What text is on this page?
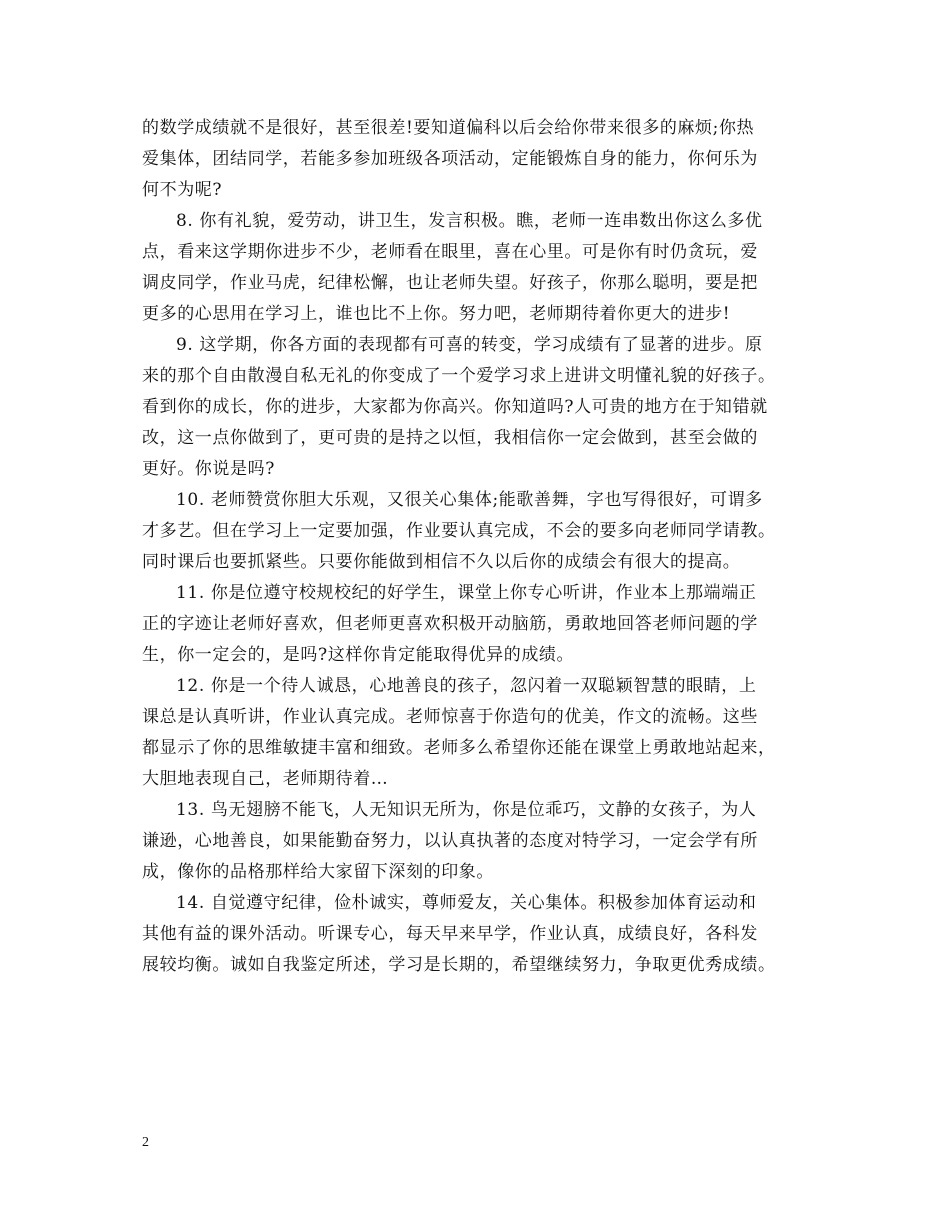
的数学成绩就不是很好，甚至很差!要知道偏科以后会给你带来很多的麻烦;你热
爱集体，团结同学，若能多参加班级各项活动，定能锻炼自身的能力，你何乐为
何不为呢?

8. 你有礼貌，爱劳动，讲卫生，发言积极。瞧，老师一连串数出你这么多优
点，看来这学期你进步不少，老师看在眼里，喜在心里。可是你有时仍贪玩，爱
调皮同学，作业马虎，纪律松懈，也让老师失望。好孩子，你那么聪明，要是把
更多的心思用在学习上，谁也比不上你。努力吧，老师期待着你更大的进步!

9. 这学期，你各方面的表现都有可喜的转变，学习成绩有了显著的进步。原
来的那个自由散漫自私无礼的你变成了一个爱学习求上进讲文明懂礼貌的好孩子。
看到你的成长，你的进步，大家都为你高兴。你知道吗?人可贵的地方在于知错就
改，这一点你做到了，更可贵的是持之以恒，我相信你一定会做到，甚至会做的
更好。你说是吗?

10. 老师赞赏你胆大乐观，又很关心集体;能歌善舞，字也写得很好，可谓多
才多艺。但在学习上一定要加强，作业要认真完成，不会的要多向老师同学请教。
同时课后也要抓紧些。只要你能做到相信不久以后你的成绩会有很大的提高。

11. 你是位遵守校规校纪的好学生，课堂上你专心听讲，作业本上那端端正
正的字迹让老师好喜欢，但老师更喜欢积极开动脑筋，勇敢地回答老师问题的学
生，你一定会的，是吗?这样你肯定能取得优异的成绩。

12. 你是一个待人诚恳，心地善良的孩子，忽闪着一双聪颖智慧的眼睛，上
课总是认真听讲，作业认真完成。老师惊喜于你造句的优美，作文的流畅。这些
都显示了你的思维敏捷丰富和细致。老师多么希望你还能在课堂上勇敢地站起来，
大胆地表现自己，老师期待着…

13. 鸟无翅膀不能飞，人无知识无所为，你是位乖巧，文静的女孩子，为人
谦逊，心地善良，如果能勤奋努力，以认真执著的态度对特学习，一定会学有所
成，像你的品格那样给大家留下深刻的印象。

14. 自觉遵守纪律，俭朴诚实，尊师爱友，关心集体。积极参加体育运动和
其他有益的课外活动。听课专心，每天早来早学，作业认真，成绩良好，各科发
展较均衡。诚如自我鉴定所述，学习是长期的，希望继续努力，争取更优秀成绩。

2
